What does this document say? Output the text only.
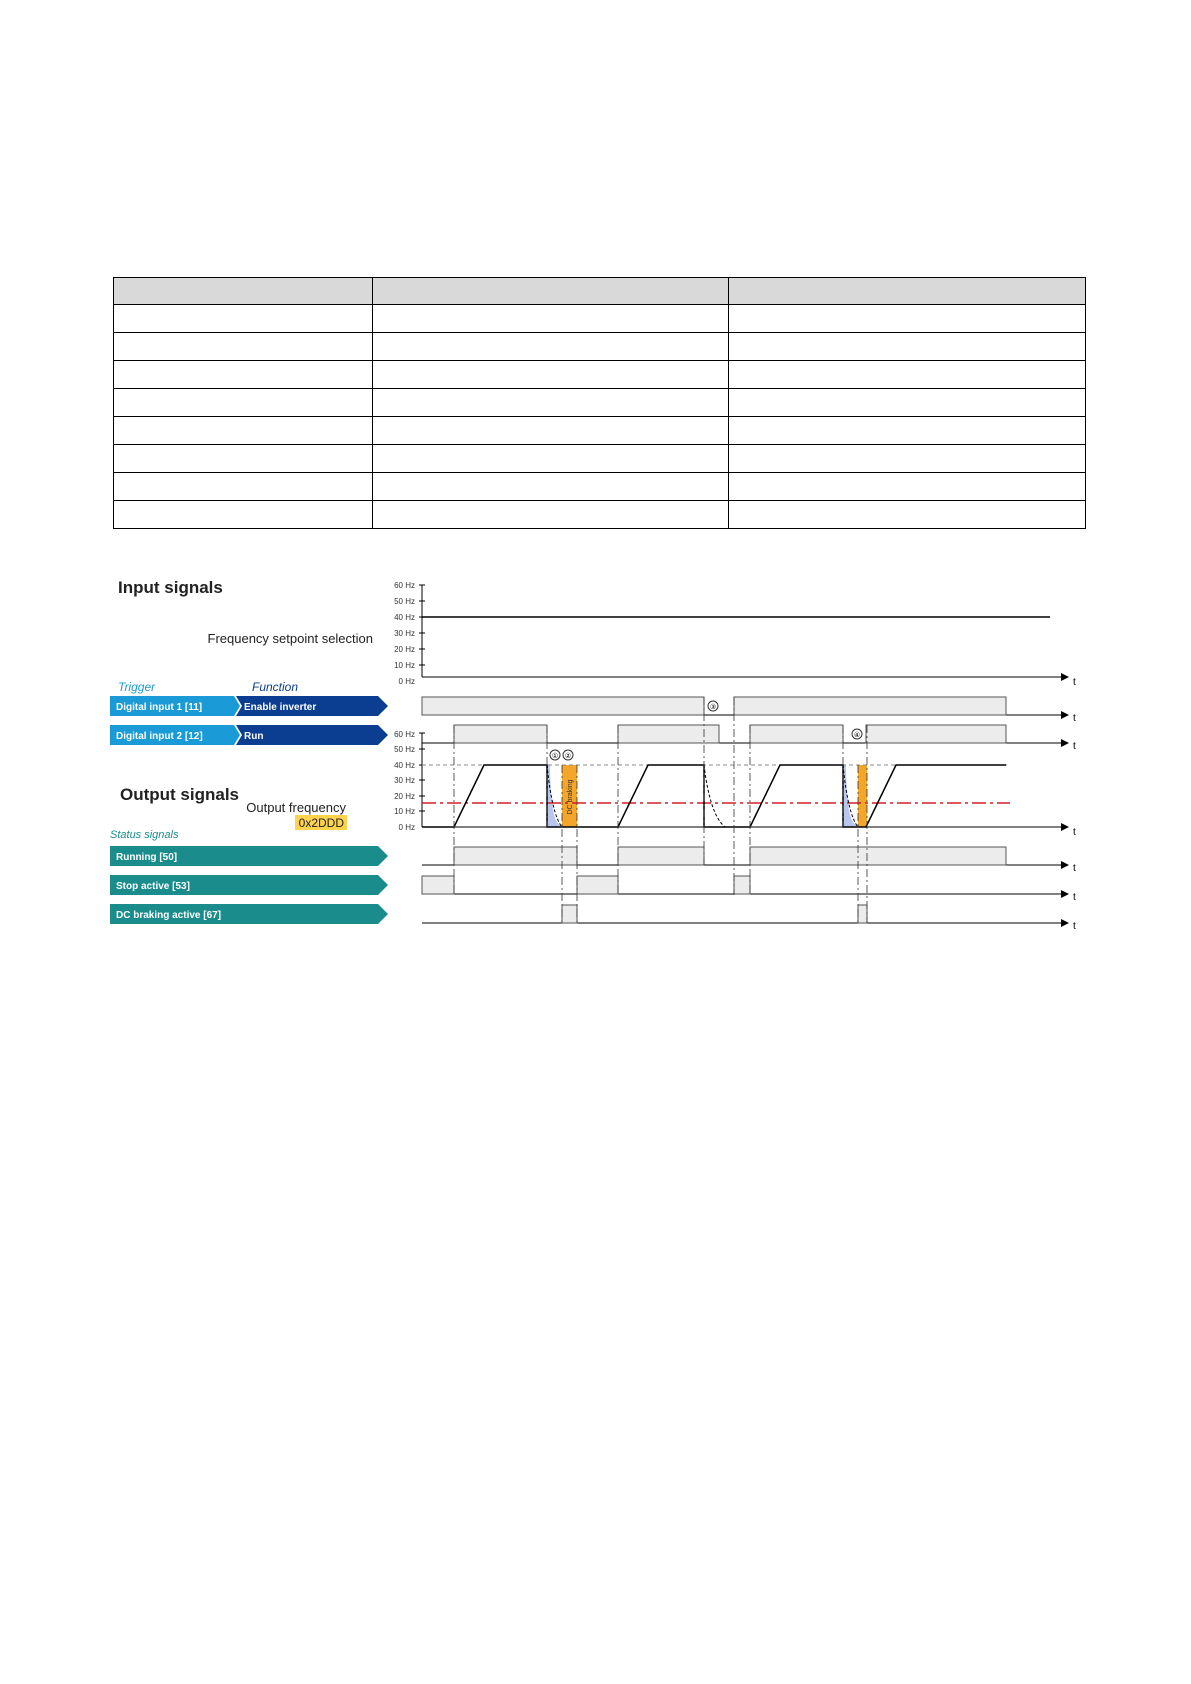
Input signals
Output signals
Frequency setpoint selection
60 Hz
50 Hz
40 Hz
30 Hz
20 Hz
10 Hz
0 Hz	t
Trigger	Function
Digital input 1 [11]	Enable inverter
Digital input 2 [12]	Run
③
t
④
t
Output frequency
0x2DDD
DC braking
60 Hz
50 Hz
40 Hz
30 Hz
20 Hz
10 Hz
0 Hz
① ②
t
Status signals
Running [50]
t
Stop active [53]
t
DC braking active [67]
t
